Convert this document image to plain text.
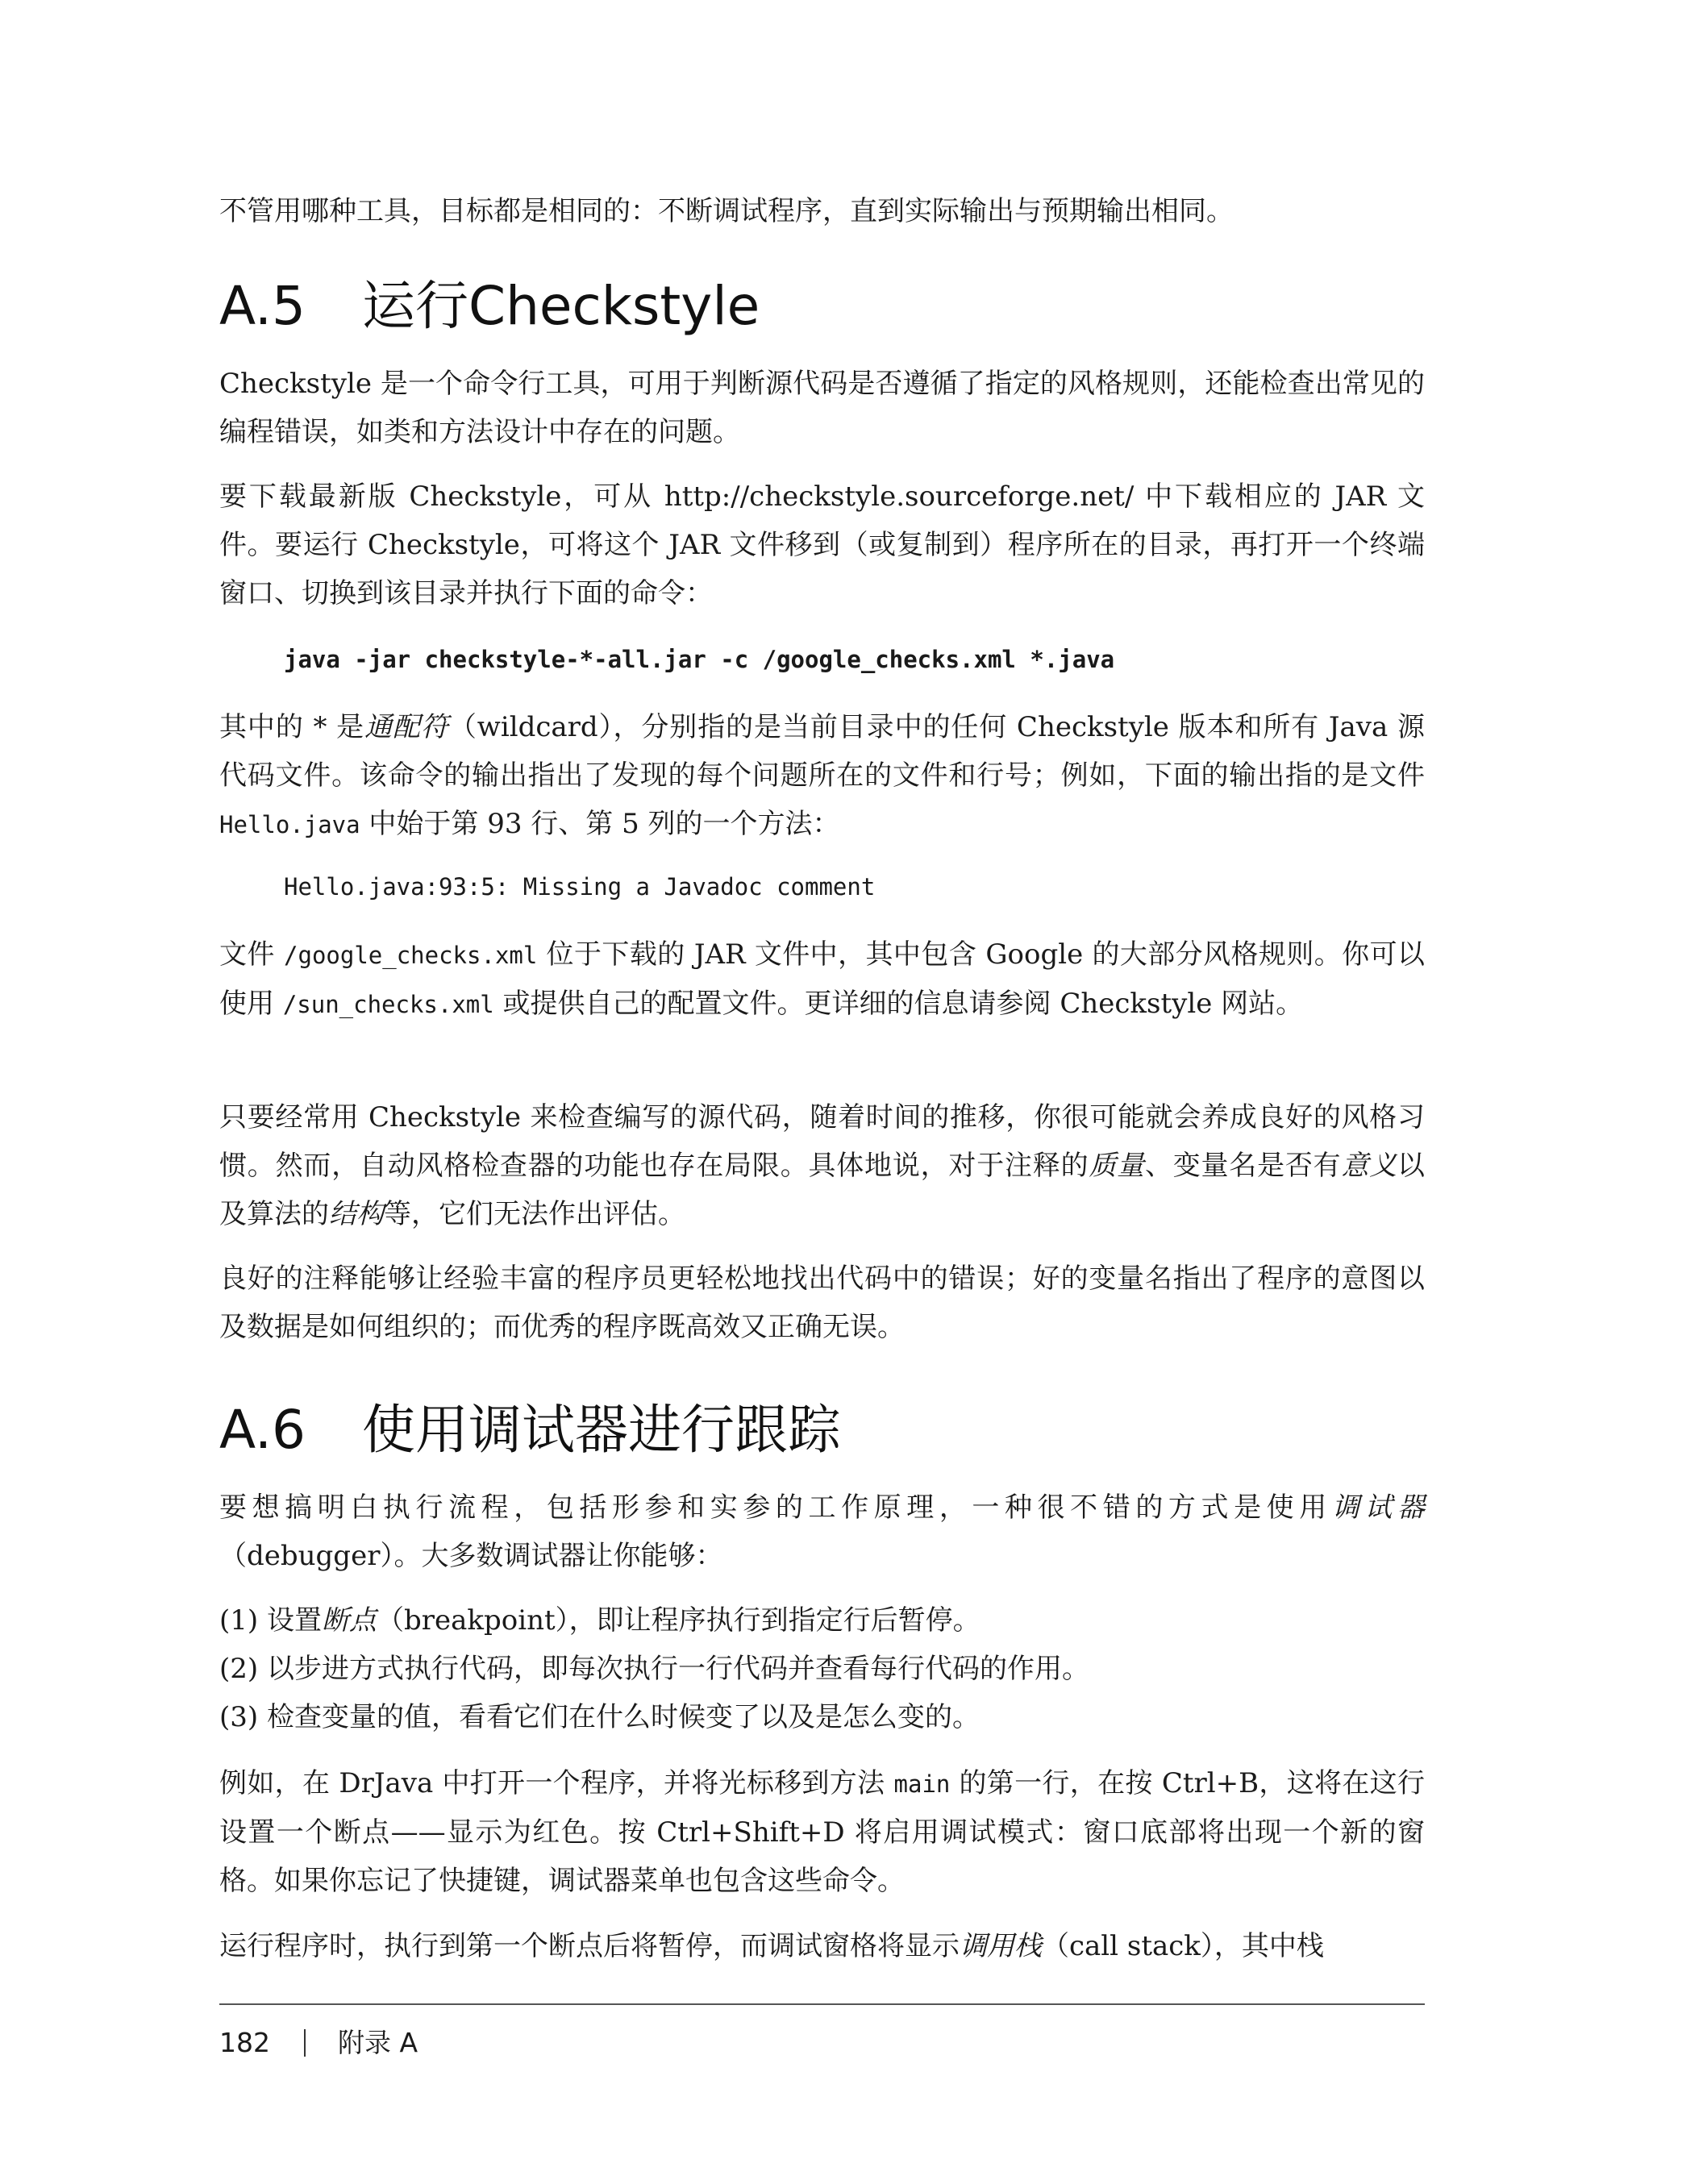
不管用哪种工具，目标都是相同的：不断调试程序，直到实际输出与预期输出相同。

A.5 运行Checkstyle

Checkstyle 是一个命令行工具，可用于判断源代码是否遵循了指定的风格规则，还能检查出常见的编程错误，如类和方法设计中存在的问题。

要下载最新版 Checkstyle，可从 http://checkstyle.sourceforge.net/ 中下载相应的 JAR 文件。要运行 Checkstyle，可将这个 JAR 文件移到（或复制到）程序所在的目录，再打开一个终端窗口、切换到该目录并执行下面的命令：

java -jar checkstyle-*-all.jar -c /google_checks.xml *.java

其中的 * 是通配符（wildcard），分别指的是当前目录中的任何 Checkstyle 版本和所有 Java 源代码文件。该命令的输出指出了发现的每个问题所在的文件和行号；例如，下面的输出指的是文件 Hello.java 中始于第 93 行、第 5 列的一个方法：

Hello.java:93:5: Missing a Javadoc comment

文件 /google_checks.xml 位于下载的 JAR 文件中，其中包含 Google 的大部分风格规则。你可以使用 /sun_checks.xml 或提供自己的配置文件。更详细的信息请参阅 Checkstyle 网站。

只要经常用 Checkstyle 来检查编写的源代码，随着时间的推移，你很可能就会养成良好的风格习惯。然而，自动风格检查器的功能也存在局限。具体地说，对于注释的质量、变量名是否有意义以及算法的结构等，它们无法作出评估。

良好的注释能够让经验丰富的程序员更轻松地找出代码中的错误；好的变量名指出了程序的意图以及数据是如何组织的；而优秀的程序既高效又正确无误。

A.6 使用调试器进行跟踪

要想搞明白执行流程，包括形参和实参的工作原理，一种很不错的方式是使用调试器（debugger）。大多数调试器让你能够：

(1) 设置断点（breakpoint），即让程序执行到指定行后暂停。

(2) 以步进方式执行代码，即每次执行一行代码并查看每行代码的作用。

(3) 检查变量的值，看看它们在什么时候变了以及是怎么变的。

例如，在 DrJava 中打开一个程序，并将光标移到方法 main 的第一行，在按 Ctrl+B，这将在这行设置一个断点——显示为红色。按 Ctrl+Shift+D 将启用调试模式：窗口底部将出现一个新的窗格。如果你忘记了快捷键，调试器菜单也包含这些命令。

运行程序时，执行到第一个断点后将暂停，而调试窗格将显示调用栈（call stack），其中栈

182	附录 A
